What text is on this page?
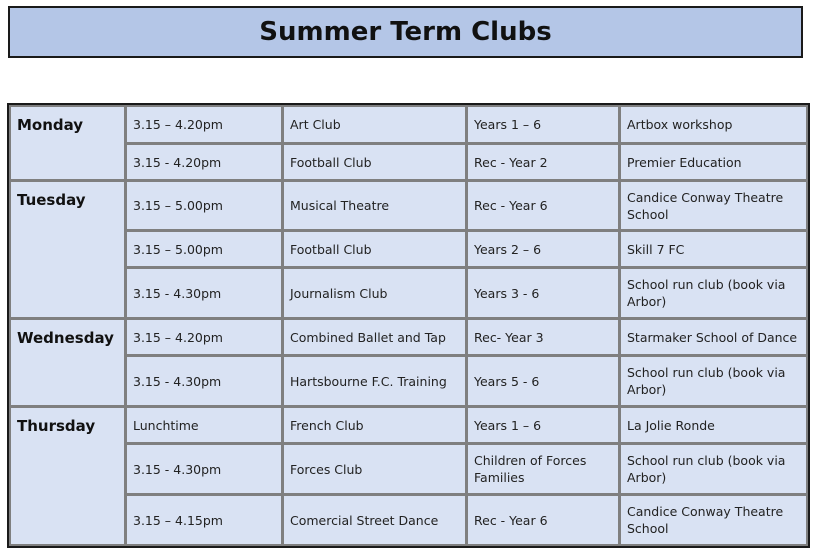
Summer Term Clubs
Monday	3.15 – 4.20pm	Art Club	Years 1 – 6	Artbox workshop
	3.15 - 4.20pm	Football Club	Rec - Year 2	Premier Education
Tuesday	3.15 – 5.00pm	Musical Theatre	Rec - Year 6	Candice Conway Theatre School
	3.15 – 5.00pm	Football Club	Years 2 – 6	Skill 7 FC
	3.15 - 4.30pm	Journalism Club	Years 3 - 6	School run club (book via Arbor)
Wednesday	3.15 – 4.20pm	Combined Ballet and Tap	Rec- Year 3	Starmaker School of Dance
	3.15 - 4.30pm	Hartsbourne F.C. Training	Years 5 - 6	School run club (book via Arbor)
Thursday	Lunchtime	French Club	Years 1 – 6	La Jolie Ronde
	3.15 - 4.30pm	Forces Club	Children of Forces Families	School run club (book via Arbor)
	3.15 – 4.15pm	Comercial Street Dance	Rec - Year 6	Candice Conway Theatre School
